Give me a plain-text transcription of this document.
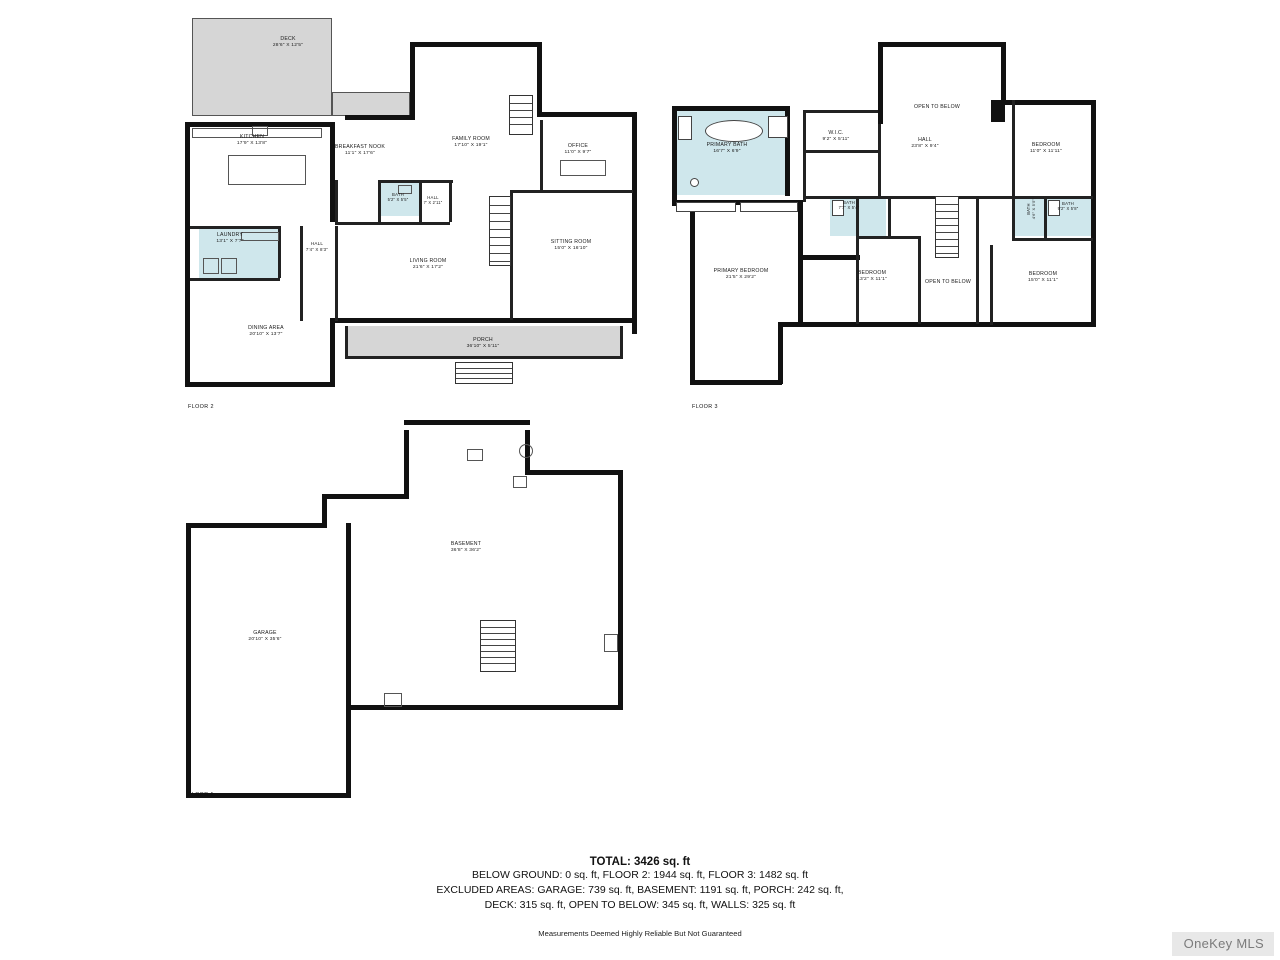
DECK
28'6" X 12'5"
KITCHEN
17'9" X 13'8"
BREAKFAST NOOK
11'1" X 17'6"
FAMILY ROOM
17'10" X 19'1"	OFFICE
11'0" X 9'7"
BATH
5'2" X 5'5"	HALL
7' X 2'11"
LAUNDRY
13'1" X 7'7"	HALL
7'4" X 8'3"
LIVING ROOM
21'6" X 17'2"
SITTING ROOM
15'0" X 16'10"
DINING AREA
20'10" X 13'7"
PORCH
36'10" X 5'11"
FLOOR 2
OPEN TO BELOW
W.I.C.
9'2" X 5'11"
BEDROOM
11'0" X 11'11"
PRIMARY BATH
16'7" X 6'9"
HALL
23'8" X 9'4"
BATH
7'7" X 5'4"	BATH 4'6" X 5'5"	BATH
9'2" X 5'8"
PRIMARY BEDROOM
21'5" X 29'2"
BEDROOM
13'2" X 11'1"	OPEN TO BELOW
BEDROOM
15'0" X 11'1"
FLOOR 3
BASEMENT
36'8" X 36'2"
GARAGE
20'10" X 35'6"
FLOOR 1
TOTAL: 3426 sq. ft
BELOW GROUND: 0 sq. ft, FLOOR 2: 1944 sq. ft, FLOOR 3: 1482 sq. ft
EXCLUDED AREAS: GARAGE: 739 sq. ft, BASEMENT: 1191 sq. ft, PORCH: 242 sq. ft,
DECK: 315 sq. ft, OPEN TO BELOW: 345 sq. ft, WALLS: 325 sq. ft
Measurements Deemed Highly Reliable But Not Guaranteed
OneKey MLS
